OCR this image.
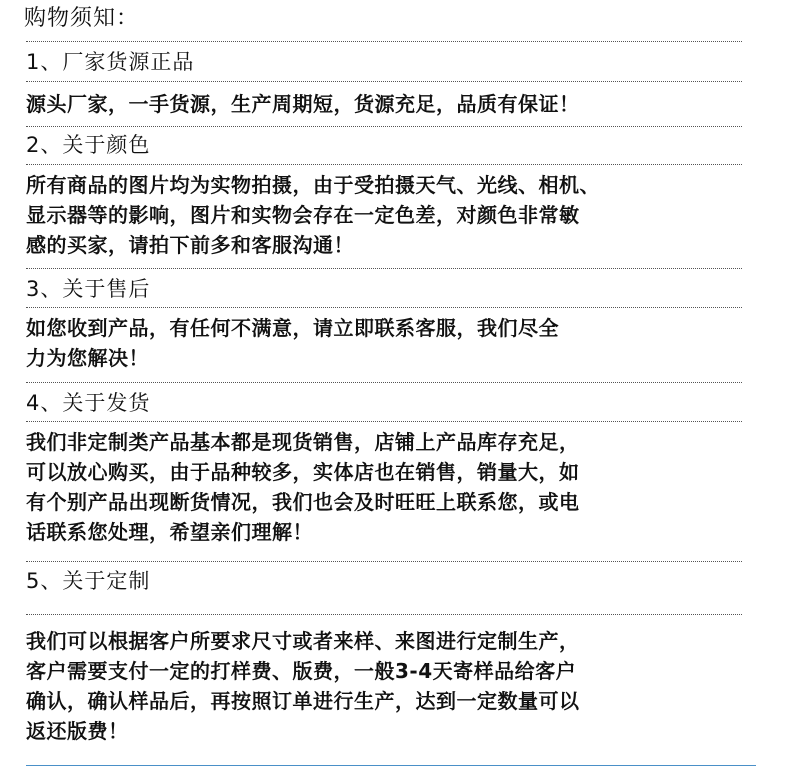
购物须知：
1、厂家货源正品
源头厂家，一手货源，生产周期短，货源充足，品质有保证！
2、关于颜色
所有商品的图片均为实物拍摄，由于受拍摄天气、光线、相机、
显示器等的影响，图片和实物会存在一定色差，对颜色非常敏
感的买家，请拍下前多和客服沟通！
3、关于售后
如您收到产品，有任何不满意，请立即联系客服，我们尽全
力为您解决！
4、关于发货
我们非定制类产品基本都是现货销售，店铺上产品库存充足，
可以放心购买，由于品种较多，实体店也在销售，销量大，如
有个别产品出现断货情况，我们也会及时旺旺上联系您，或电
话联系您处理，希望亲们理解！
5、关于定制
我们可以根据客户所要求尺寸或者来样、来图进行定制生产，
客户需要支付一定的打样费、版费，一般3-4天寄样品给客户
确认，确认样品后，再按照订单进行生产，达到一定数量可以
返还版费！
